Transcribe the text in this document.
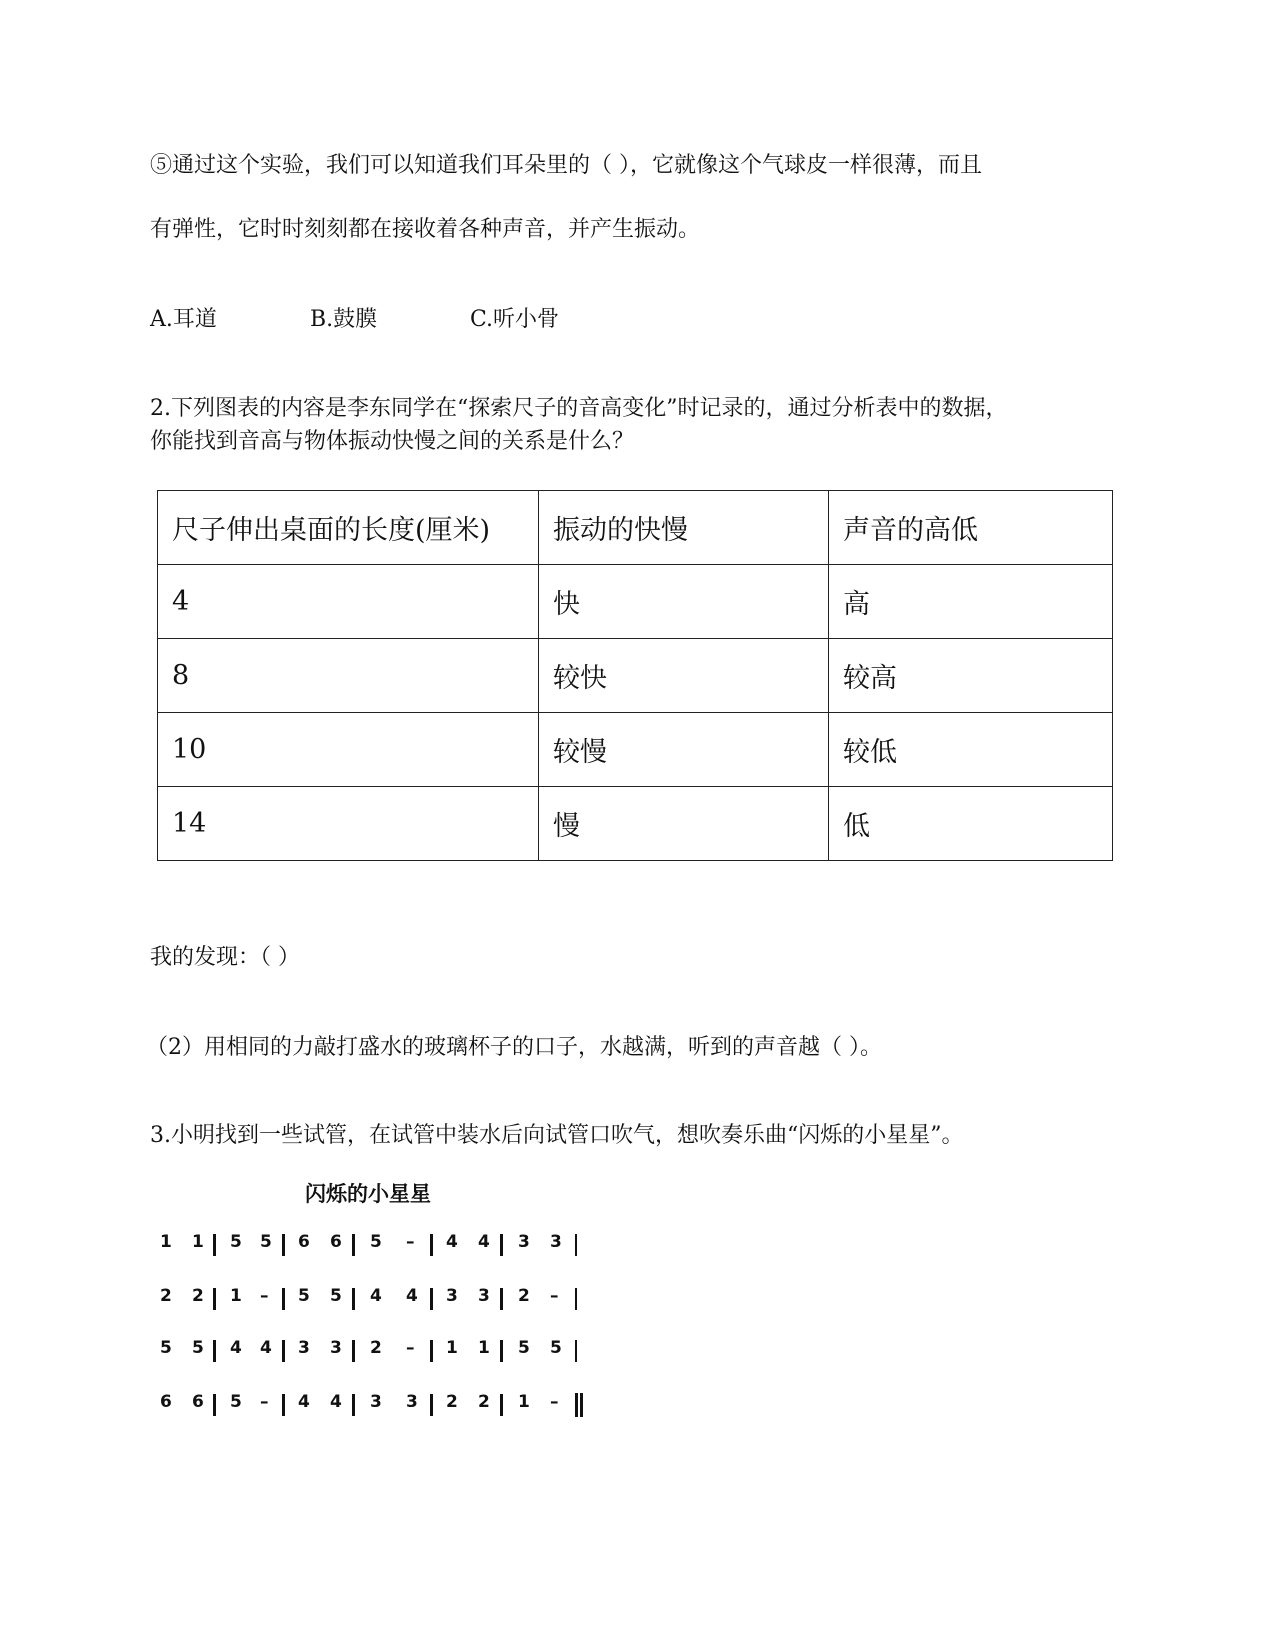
⑤通过这个实验，我们可以知道我们耳朵里的（ ），它就像这个气球皮一样很薄，而且
有弹性，它时时刻刻都在接收着各种声音，并产生振动。
A.耳道	B.鼓膜	C.听小骨
2.下列图表的内容是李东同学在“探索尺子的音高变化”时记录的，通过分析表中的数据，
你能找到音高与物体振动快慢之间的关系是什么？
尺子伸出桌面的长度(厘米)	振动的快慢	声音的高低
4	快	高
8	较快	较高
10	较慢	较低
14	慢	低
我的发现：（ ）
（2）用相同的力敲打盛水的玻璃杯子的口子，水越满，听到的声音越（ ）。
3.小明找到一些试管，在试管中装水后向试管口吹气，想吹奏乐曲“闪烁的小星星”。
闪烁的小星星
1 1 5 5 6 6 5 – 4 4 3 3
2 2 1 – 5 5 4 4 3 3 2 –
5 5 4 4 3 3 2 – 1 1 5 5
6 6 5 – 4 4 3 3 2 2 1 –
